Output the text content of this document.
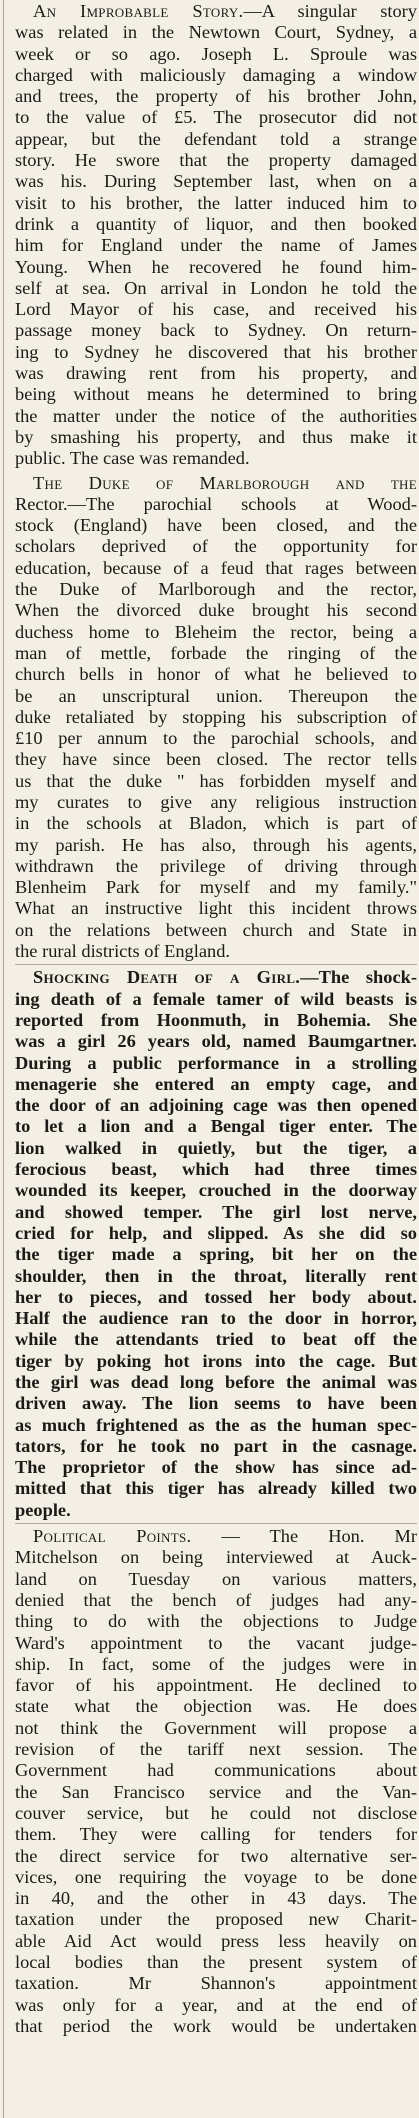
An Improbable Story.—A singular story
was related in the Newtown Court, Sydney, a
week or so ago. Joseph L. Sproule was
charged with maliciously damaging a window
and trees, the property of his brother John,
to the value of £5. The prosecutor did not
appear, but the defendant told a strange
story. He swore that the property damaged
was his. During September last, when on a
visit to his brother, the latter induced him to
drink a quantity of liquor, and then booked
him for England under the name of James
Young. When he recovered he found him-
self at sea. On arrival in London he told the
Lord Mayor of his case, and received his
passage money back to Sydney. On return-
ing to Sydney he discovered that his brother
was drawing rent from his property, and
being without means he determined to bring
the matter under the notice of the authorities
by smashing his property, and thus make it
public. The case was remanded.
The Duke of Marlborough and the
Rector.—The parochial schools at Wood-
stock (England) have been closed, and the
scholars deprived of the opportunity for
education, because of a feud that rages between
the Duke of Marlborough and the rector,
When the divorced duke brought his second
duchess home to Bleheim the rector, being a
man of mettle, forbade the ringing of the
church bells in honor of what he believed to
be an unscriptural union. Thereupon the
duke retaliated by stopping his subscription of
£10 per annum to the parochial schools, and
they have since been closed. The rector tells
us that the duke " has forbidden myself and
my curates to give any religious instruction
in the schools at Bladon, which is part of
my parish. He has also, through his agents,
withdrawn the privilege of driving through
Blenheim Park for myself and my family."
What an instructive light this incident throws
on the relations between church and State in
the rural districts of England.
Shocking Death of a Girl.—The shock-
ing death of a female tamer of wild beasts is
reported from Hoonmuth, in Bohemia. She
was a girl 26 years old, named Baumgartner.
During a public performance in a strolling
menagerie she entered an empty cage, and
the door of an adjoining cage was then opened
to let a lion and a Bengal tiger enter. The
lion walked in quietly, but the tiger, a
ferocious beast, which had three times
wounded its keeper, crouched in the doorway
and showed temper. The girl lost nerve,
cried for help, and slipped. As she did so
the tiger made a spring, bit her on the
shoulder, then in the throat, literally rent
her to pieces, and tossed her body about.
Half the audience ran to the door in horror,
while the attendants tried to beat off the
tiger by poking hot irons into the cage. But
the girl was dead long before the animal was
driven away. The lion seems to have been
as much frightened as the as the human spec-
tators, for he took no part in the casnage.
The proprietor of the show has since ad-
mitted that this tiger has already killed two
people.
Political Points. — The Hon. Mr
Mitchelson on being interviewed at Auck-
land on Tuesday on various matters,
denied that the bench of judges had any-
thing to do with the objections to Judge
Ward's appointment to the vacant judge-
ship. In fact, some of the judges were in
favor of his appointment. He declined to
state what the objection was. He does
not think the Government will propose a
revision of the tariff next session. The
Government had communications about
the San Francisco service and the Van-
couver service, but he could not disclose
them. They were calling for tenders for
the direct service for two alternative ser-
vices, one requiring the voyage to be done
in 40, and the other in 43 days. The
taxation under the proposed new Charit-
able Aid Act would press less heavily on
local bodies than the present system of
taxation. Mr Shannon's appointment
was only for a year, and at the end of
that period the work would be undertaken
